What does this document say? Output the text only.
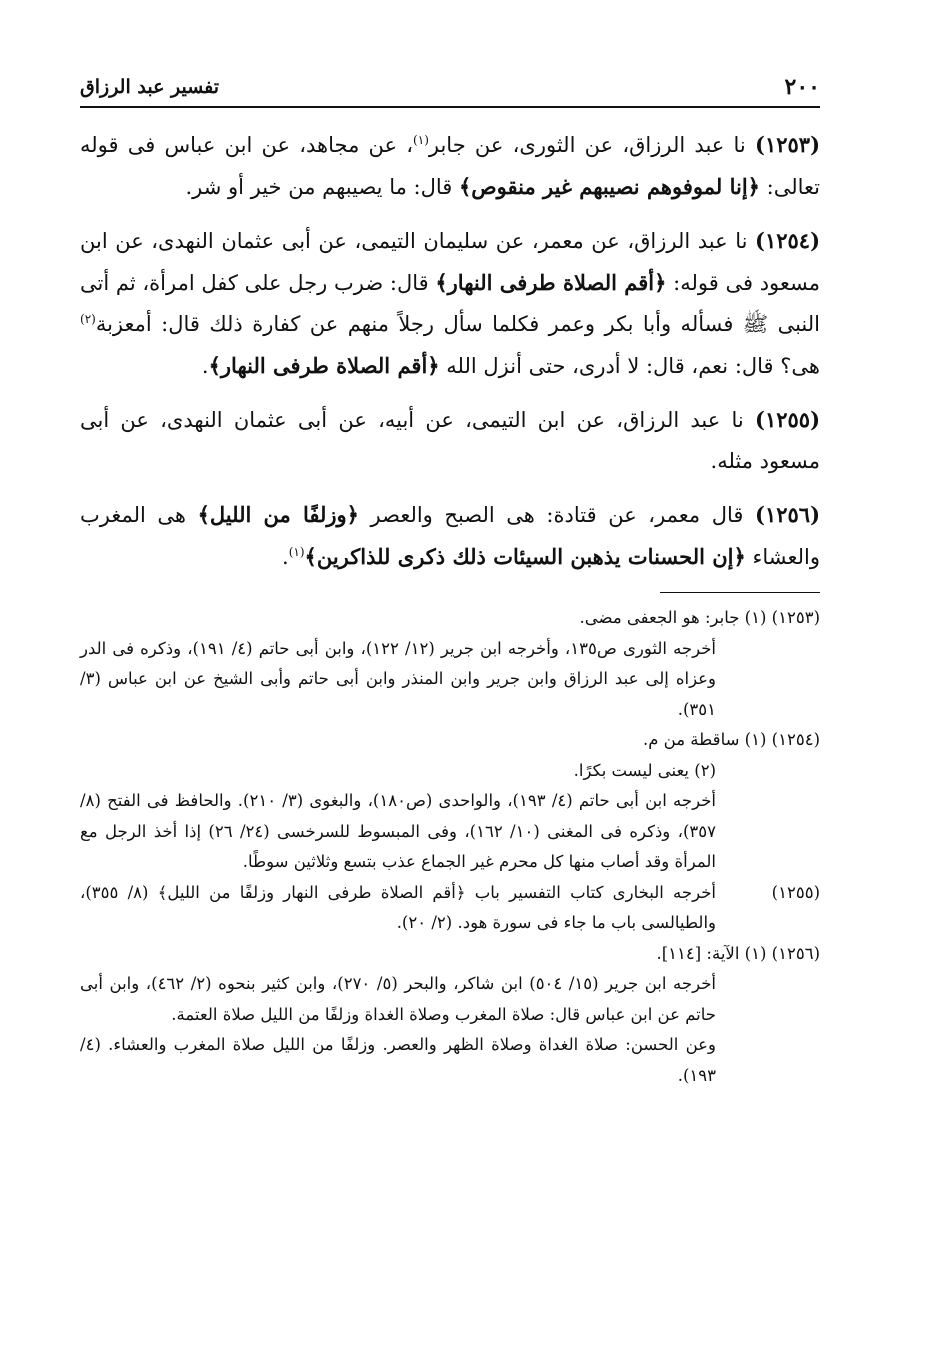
٢٠٠
تفسير عبد الرزاق

(١٢٥٣) نا عبد الرزاق، عن الثورى، عن جابر$^{(١)}$، عن مجاهد، عن ابن عباس فى قوله تعالى: ﴿إنا لموفوهم نصيبهم غير منقوص﴾ قال: ما يصيبهم من خير أو شر.

(١٢٥٤) نا عبد الرزاق، عن معمر، عن سليمان التيمى، عن أبى عثمان النهدى، عن ابن مسعود فى قوله: ﴿أقم الصلاة طرفى النهار﴾ قال: ضرب رجل على كفل امرأة، ثم أتى النبى ﷺ فسأله وأبا بكر وعمر فكلما سأل رجلاً منهم عن كفارة ذلك قال: أمعزبة$^{(٢)}$ هى؟ قال: نعم، قال: لا أدرى، حتى أنزل الله ﴿أقم الصلاة طرفى النهار﴾.

(١٢٥٥) نا عبد الرزاق، عن ابن التيمى، عن أبيه، عن أبى عثمان النهدى، عن أبى مسعود مثله.

(١٢٥٦) قال معمر، عن قتادة: هى الصبح والعصر ﴿وزلفًا من الليل﴾ هى المغرب والعشاء ﴿إن الحسنات يذهبن السيئات ذلك ذكرى للذاكرين﴾$^{(١)}$.

(١٢٥٣) (١) جابر: هو الجعفى مضى.

أخرجه الثورى ص١٣٥، وأخرجه ابن جرير (١٢/ ١٢٢)، وابن أبى حاتم (٤/ ١٩١)، وذكره فى الدر وعزاه إلى عبد الرزاق وابن جرير وابن المنذر وابن أبى حاتم وأبى الشيخ عن ابن عباس (٣/ ٣٥١).

(١٢٥٤) (١) ساقطة من م.

(٢) يعنى ليست بكرًا.

أخرجه ابن أبى حاتم (٤/ ١٩٣)، والواحدى (ص١٨٠)، والبغوى (٣/ ٢١٠). والحافظ فى الفتح (٨/ ٣٥٧)، وذكره فى المغنى (١٠/ ١٦٢)، وفى المبسوط للسرخسى (٢٤/ ٢٦) إذا أخذ الرجل مع المرأة وقد أصاب منها كل محرم غير الجماع عذب بتسع وثلاثين سوطًا.

(١٢٥٥)
أخرجه البخارى كتاب التفسير باب ﴿أقم الصلاة طرفى النهار وزلفًا من الليل﴾ (٨/ ٣٥٥)، والطيالسى باب ما جاء فى سورة هود. (٢/ ٢٠).

(١٢٥٦) (١) الآية: [١١٤].

أخرجه ابن جرير (١٥/ ٥٠٤) ابن شاكر، والبحر (٥/ ٢٧٠)، وابن كثير بنحوه (٢/ ٤٦٢)، وابن أبى حاتم عن ابن عباس قال: صلاة المغرب وصلاة الغداة وزلفًا من الليل صلاة العتمة.

وعن الحسن: صلاة الغداة وصلاة الظهر والعصر. وزلفًا من الليل صلاة المغرب والعشاء. (٤/ ١٩٣).
